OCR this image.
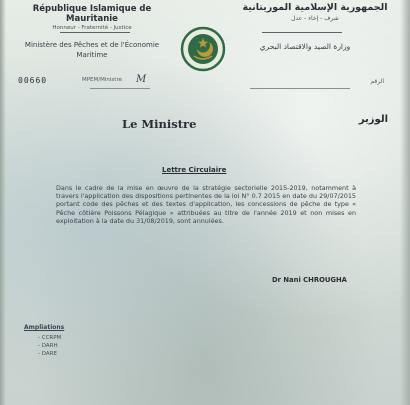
République Islamique de Mauritanie
Honneur - Fraternité - Justice
الجمهورية الإسلامية الموريتانية
شرف - إخاء - عدل
Ministère des Pêches et de l'Économie Maritime
وزارة الصيد والاقتصاد البحري
00660	MPEM/Ministre M	الرقم
Le Ministre	الوزير
Lettre Circulaire
Dans le cadre de la mise en œuvre de la stratégie sectorielle 2015-2019, notamment à travers l'application des dispositions pertinentes de la loi N° 0.7 2015 en date du 29/07/2015 portant code des pêches et des textes d'application, les concessions de pêche de type « Pêche côtière Poissons Pélagique » attribuées au titre de l'année 2019 et non mises en exploitation à la date du 31/08/2019, sont annulées.
Dr Nani CHROUGHA
Ampliations
- CCRPM
- DARH
- DARE
